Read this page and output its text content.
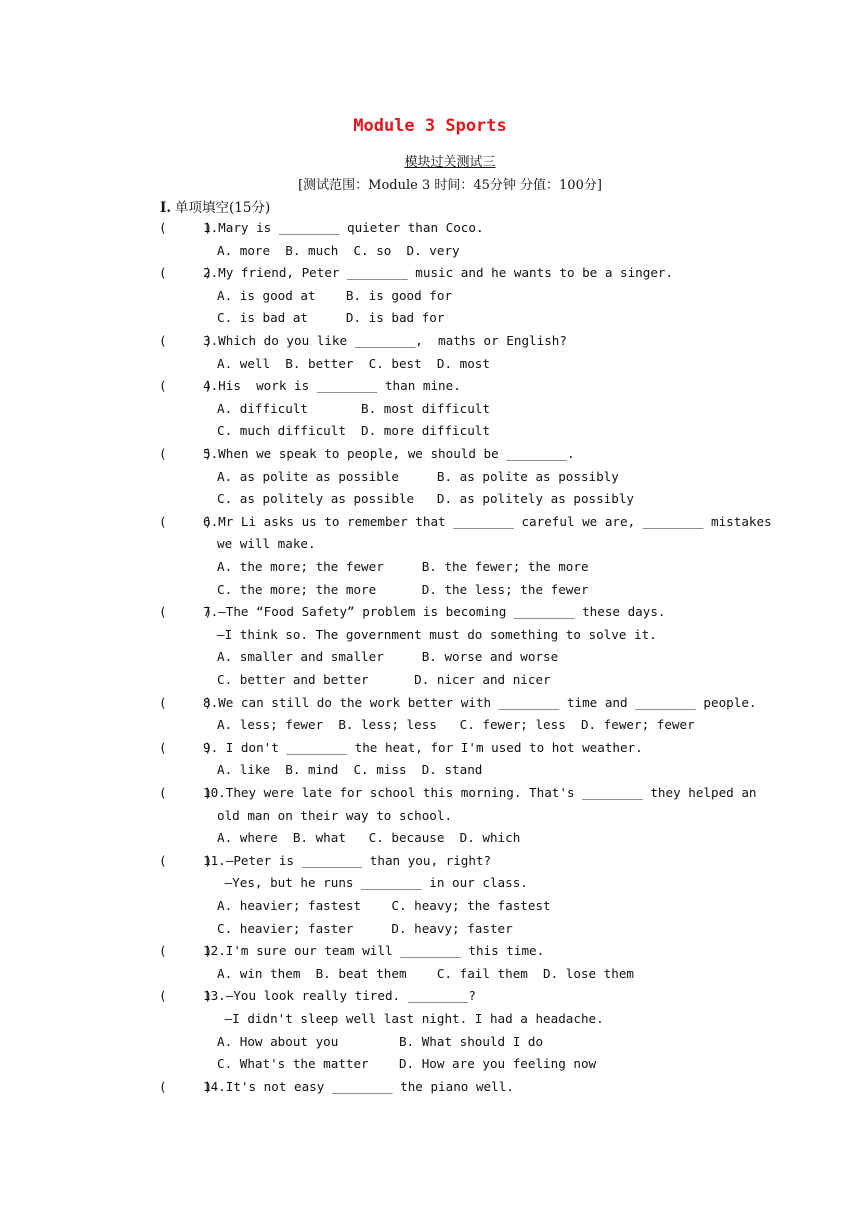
Module 3 Sports
模块过关测试三
[测试范围：Module 3 时间：45分钟 分值：100分]
Ⅰ. 单项填空(15分)
(     )
1.Mary is ________ quieter than Coco.
A. more  B. much  C. so  D. very
(     )
2.My friend, Peter ________ music and he wants to be a singer.
A. is good at    B. is good for
C. is bad at     D. is bad for
(     )
3.Which do you like ________,  maths or English?
A. well  B. better  C. best  D. most
(     )
4.His  work is ________ than mine.
A. difficult       B. most difficult
C. much difficult  D. more difficult
(     )
5.When we speak to people, we should be ________.
A. as polite as possible     B. as polite as possibly
C. as politely as possible   D. as politely as possibly
(     )
6.Mr Li asks us to remember that ________ careful we are, ________ mistakes
we will make.
A. the more; the fewer     B. the fewer; the more
C. the more; the more      D. the less; the fewer
(     )
7.—The “Food Safety” problem is becoming ________ these days.
—I think so. The government must do something to solve it.
A. smaller and smaller     B. worse and worse
C. better and better      D. nicer and nicer
(     )
8.We can still do the work better with ________ time and ________ people.
A. less; fewer  B. less; less   C. fewer; less  D. fewer; fewer
(     )
9. I don't ________ the heat, for I'm used to hot weather.
A. like  B. mind  C. miss  D. stand
(     )
10.They were late for school this morning. That's ________ they helped an
old man on their way to school.
A. where  B. what   C. because  D. which
(     )
11.—Peter is ________ than you, right?
—Yes, but he runs ________ in our class.
A. heavier; fastest    C. heavy; the fastest
C. heavier; faster     D. heavy; faster
(     )
12.I'm sure our team will ________ this time.
A. win them  B. beat them    C. fail them  D. lose them
(     )
13.—You look really tired. ________?
—I didn't sleep well last night. I had a headache.
A. How about you        B. What should I do
C. What's the matter    D. How are you feeling now
(     )
14.It's not easy ________ the piano well.
